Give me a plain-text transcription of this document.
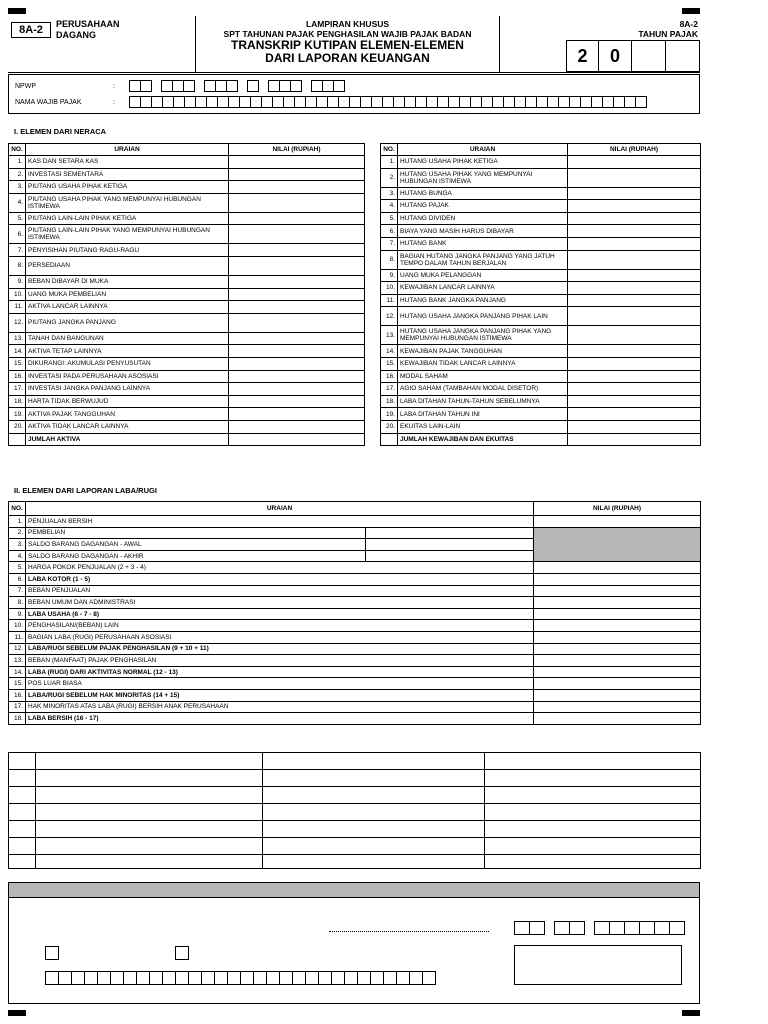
8A-2	PERUSAHAAN
DAGANG
LAMPIRAN KHUSUS
SPT TAHUNAN PAJAK PENGHASILAN WAJIB PAJAK BADAN
TRANSKRIP KUTIPAN ELEMEN-ELEMEN
DARI LAPORAN KEUANGAN
8A-2
TAHUN PAJAK
2	0
NPWP	:
NAMA WAJIB PAJAK	:
I. ELEMEN DARI NERACA
NO.	URAIAN	NILAI (RUPIAH)
1.	KAS DAN SETARA KAS	
2.	INVESTASI SEMENTARA	
3.	PIUTANG USAHA PIHAK KETIGA	
4.	PIUTANG USAHA PIHAK YANG MEMPUNYAI HUBUNGAN ISTIMEWA	
5.	PIUTANG LAIN-LAIN PIHAK KETIGA	
6.	PIUTANG LAIN-LAIN PIHAK YANG MEMPUNYAI HUBUNGAN ISTIMEWA	
7.	PENYISIHAN PIUTANG RAGU-RAGU	
8.	PERSEDIAAN	
9.	BEBAN DIBAYAR DI MUKA	
10.	UANG MUKA PEMBELIAN	
11.	AKTIVA LANCAR LAINNYA	
12.	PIUTANG JANGKA PANJANG	
13.	TANAH DAN BANGUNAN	
14.	AKTIVA TETAP LAINNYA	
15.	DIKURANGI: AKUMULASI PENYUSUTAN	
16.	INVESTASI PADA PERUSAHAAN ASOSIASI	
17.	INVESTASI JANGKA PANJANG LAINNYA	
18.	HARTA TIDAK BERWUJUD	
19.	AKTIVA PAJAK TANGGUHAN	
20.	AKTIVA TIDAK LANCAR LAINNYA	
	JUMLAH AKTIVA	
NO.	URAIAN	NILAI (RUPIAH)
1.	HUTANG USAHA PIHAK KETIGA	
2.	HUTANG USAHA PIHAK YANG MEMPUNYAI HUBUNGAN ISTIMEWA	
3.	HUTANG BUNGA	
4.	HUTANG PAJAK	
5.	HUTANG DIVIDEN	
6.	BIAYA YANG MASIH HARUS DIBAYAR	
7.	HUTANG BANK	
8.	BAGIAN HUTANG JANGKA PANJANG YANG JATUH TEMPO DALAM TAHUN BERJALAN	
9.	UANG MUKA PELANGGAN	
10.	KEWAJIBAN LANCAR LAINNYA	
11.	HUTANG BANK JANGKA PANJANG	
12.	HUTANG USAHA JANGKA PANJANG PIHAK LAIN	
13.	HUTANG USAHA JANGKA PANJANG PIHAK YANG MEMPUNYAI HUBUNGAN ISTIMEWA	
14.	KEWAJIBAN PAJAK TANGGUHAN	
15.	KEWAJIBAN TIDAK LANCAR LAINNYA	
16.	MODAL SAHAM	
17.	AGIO SAHAM (TAMBAHAN MODAL DISETOR)	
18.	LABA DITAHAN TAHUN-TAHUN SEBELUMNYA	
19.	LABA DITAHAN TAHUN INI	
20.	EKUITAS LAIN-LAIN	
	JUMLAH KEWAJIBAN DAN EKUITAS	
II. ELEMEN DARI LAPORAN LABA/RUGI
NO.	URAIAN		NILAI (RUPIAH)
1.	PENJUALAN BERSIH		
2.	PEMBELIAN		
3.	SALDO BARANG DAGANGAN - AWAL		
4.	SALDO BARANG DAGANGAN - AKHIR		
5.	HARGA POKOK PENJUALAN (2 + 3 - 4)		
6.	LABA KOTOR (1 - 5)		
7.	BEBAN PENJUALAN		
8.	BEBAN UMUM DAN ADMINISTRASI		
9.	LABA USAHA (6 - 7 - 8)		
10.	PENGHASILAN/(BEBAN) LAIN		
11.	BAGIAN LABA (RUGI) PERUSAHAAN ASOSIASI		
12.	LABA/RUGI SEBELUM PAJAK PENGHASILAN (9 + 10 + 11)		
13.	BEBAN (MANFAAT) PAJAK PENGHASILAN		
14.	LABA (RUGI) DARI AKTIVITAS NORMAL (12 - 13)		
15.	POS LUAR BIASA		
16.	LABA/RUGI SEBELUM HAK MINORITAS (14 + 15)		
17.	HAK MINORITAS ATAS LABA (RUGI) BERSIH ANAK PERUSAHAAN		
18.	LABA BERSIH (16 - 17)		
